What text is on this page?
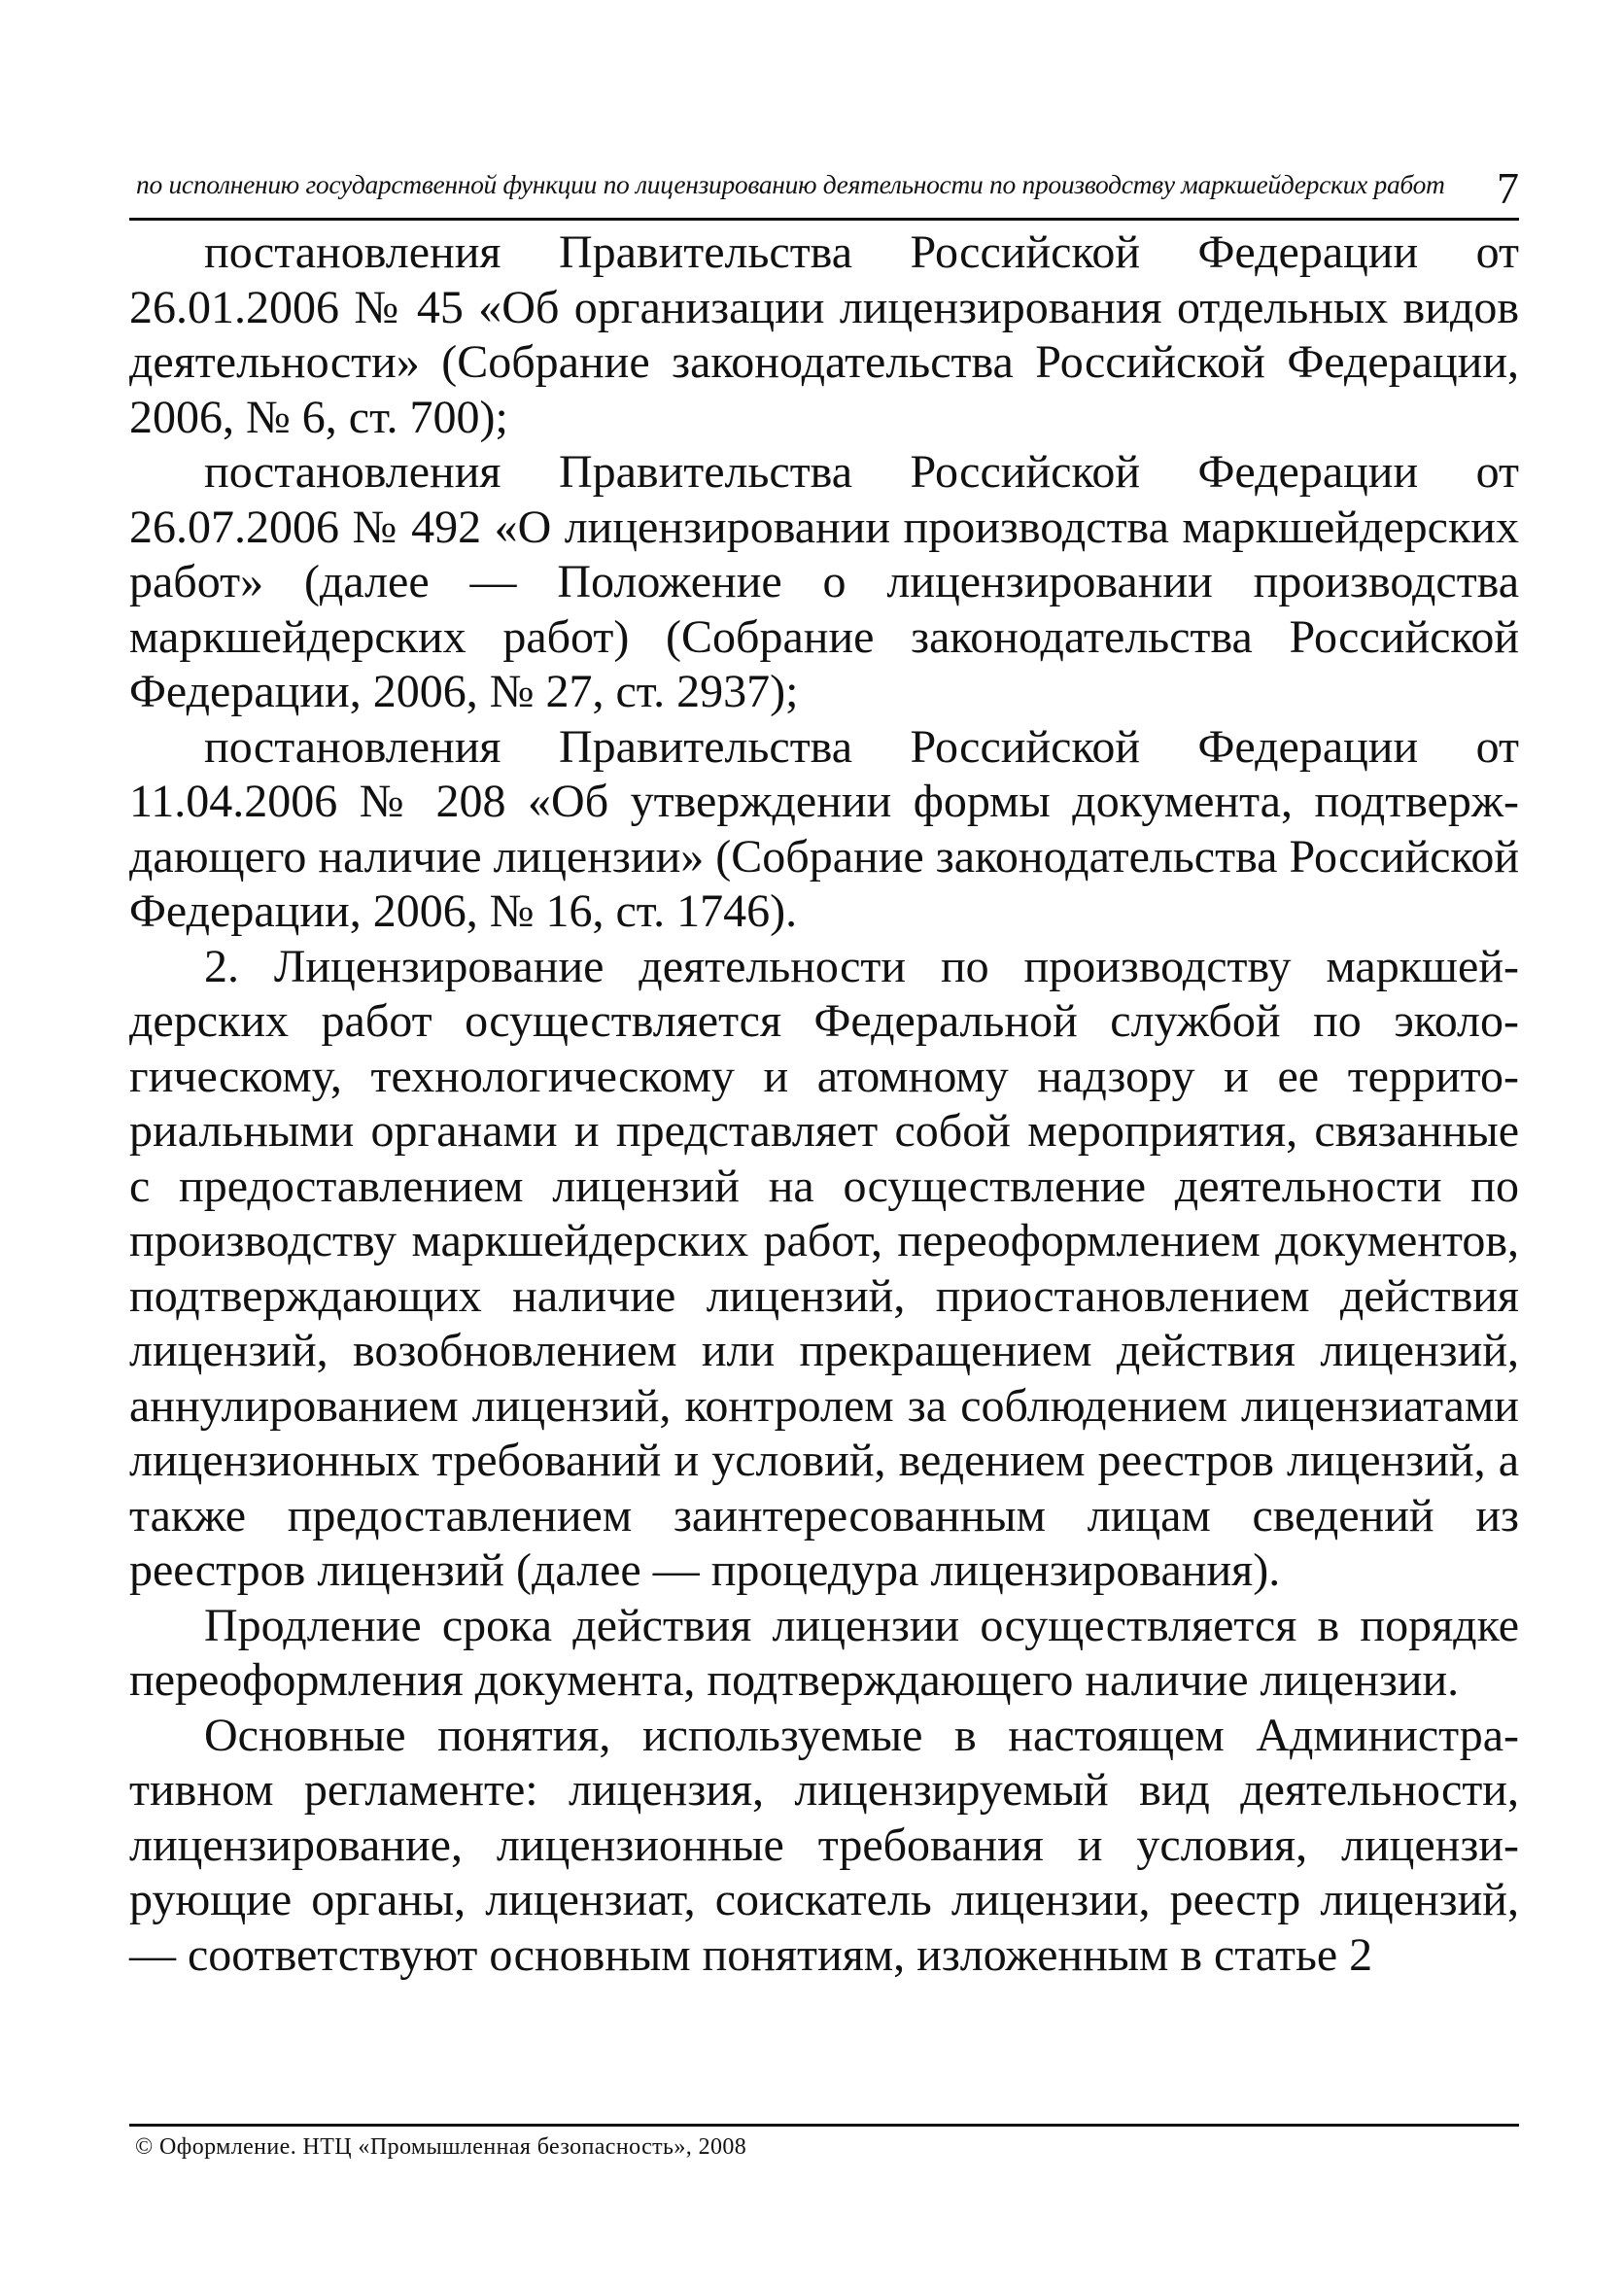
по исполнению государственной функции по лицензированию деятельности по производству маркшейдерских работ 7

постановления Правительства Российской Федерации от 26.01.2006 № 45 «Об организации лицензирования отдельных видов деятельности» (Собрание законодательства Российской Федерации, 2006, № 6, ст. 700);

постановления Правительства Российской Федерации от 26.07.2006 № 492 «О лицензировании производства маркшейдерских работ» (далее — Положение о лицензировании производства маркшейдерских работ) (Собрание законодательства Российской Федерации, 2006, № 27, ст. 2937);

постановления Правительства Российской Федерации от 11.04.2006 № 208 «Об утверждении формы документа, подтверждающего наличие лицензии» (Собрание законодательства Российской Федерации, 2006, № 16, ст. 1746).

2. Лицензирование деятельности по производству маркшейдерских работ осуществляется Федеральной службой по экологическому, технологическому и атомному надзору и ее территориальными органами и представляет собой мероприятия, связанные с предоставлением лицензий на осуществление деятельности по производству маркшейдерских работ, переоформлением документов, подтверждающих наличие лицензий, приостановлением действия лицензий, возобновлением или прекращением действия лицензий, аннулированием лицензий, контролем за соблюдением лицензиатами лицензионных требований и условий, ведением реестров лицензий, а также предоставлением заинтересованным лицам сведений из реестров лицензий (далее — процедура лицензирования).

Продление срока действия лицензии осуществляется в порядке переоформления документа, подтверждающего наличие лицензии.

Основные понятия, используемые в настоящем Административном регламенте: лицензия, лицензируемый вид деятельности, лицензирование, лицензионные требования и условия, лицензирующие органы, лицензиат, соискатель лицензии, реестр лицензий, — соответствуют основным понятиям, изложенным в статье 2

© Оформление. НТЦ «Промышленная безопасность», 2008
